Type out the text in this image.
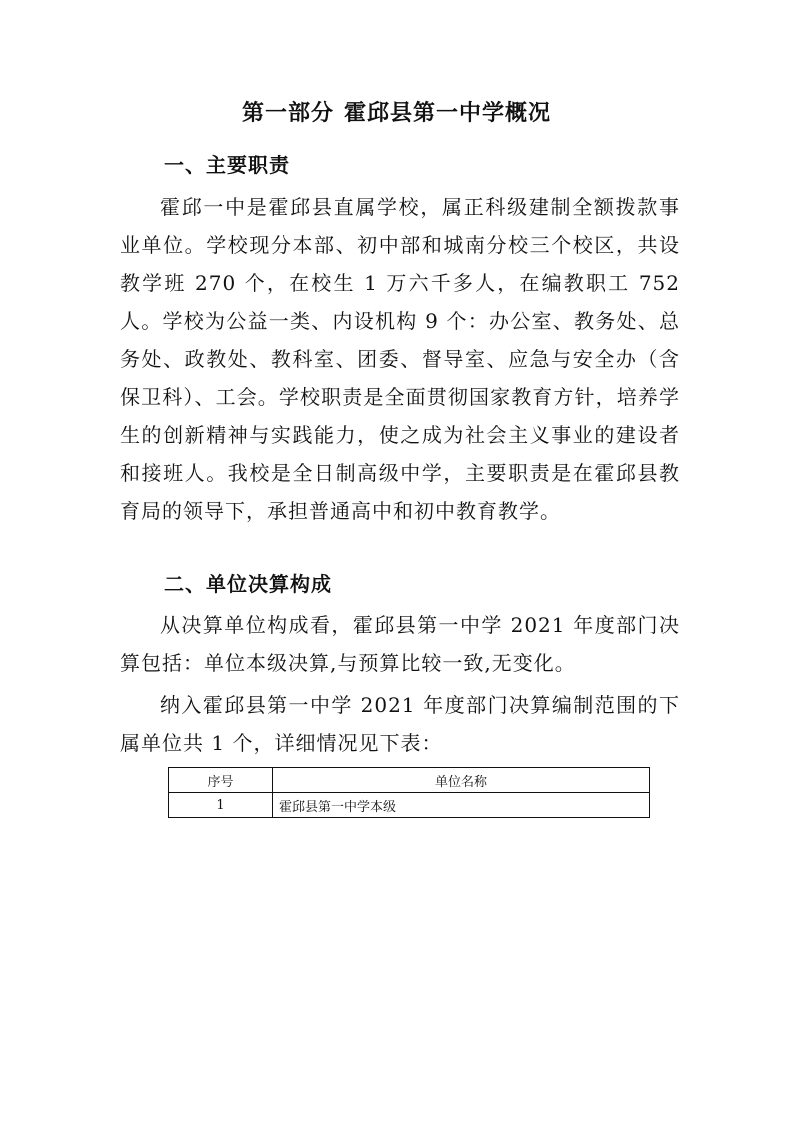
第一部分 霍邱县第一中学概况
一、主要职责

霍邱一中是霍邱县直属学校，属正科级建制全额拨款事业单位。学校现分本部、初中部和城南分校三个校区，共设教学班 270 个，在校生 1 万六千多人，在编教职工 752 人。学校为公益一类、内设机构 9 个：办公室、教务处、总务处、政教处、教科室、团委、督导室、应急与安全办（含保卫科）、工会。学校职责是全面贯彻国家教育方针，培养学生的创新精神与实践能力，使之成为社会主义事业的建设者和接班人。我校是全日制高级中学，主要职责是在霍邱县教育局的领导下，承担普通高中和初中教育教学。

二、单位决算构成

从决算单位构成看，霍邱县第一中学 2021 年度部门决算包括：单位本级决算,与预算比较一致,无变化。

纳入霍邱县第一中学 2021 年度部门决算编制范围的下属单位共 1 个，详细情况见下表：

序号	单位名称
1	霍邱县第一中学本级
